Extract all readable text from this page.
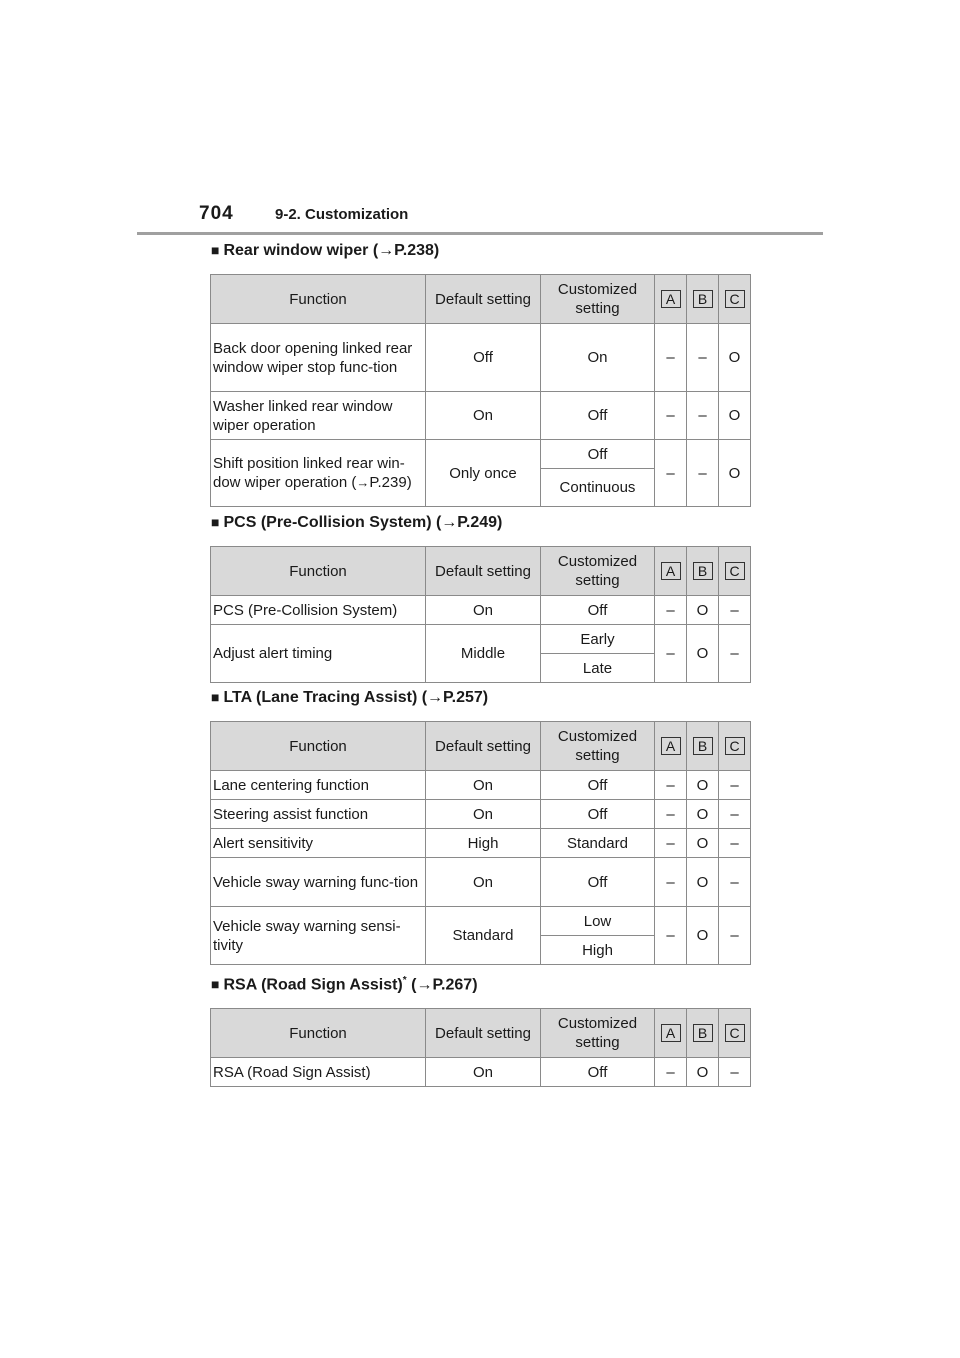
704	9-2. Customization
■ Rear window wiper (→P.238)
Function	Default setting	Customized setting	A	B	C
Back door opening linked rear window wiper stop func-tion	Off	On	–	–	O
Washer linked rear window wiper operation	On	Off	–	–	O
Shift position linked rear win-dow wiper operation (→P.239)	Only once	Off	–	–	O
		Continuous			
■ PCS (Pre-Collision System) (→P.249)
Function	Default setting	Customized setting	A	B	C
PCS (Pre-Collision System)	On	Off	–	O	–
Adjust alert timing	Middle	Early	–	O	–
		Late			
■ LTA (Lane Tracing Assist) (→P.257)
Function	Default setting	Customized setting	A	B	C
Lane centering function	On	Off	–	O	–
Steering assist function	On	Off	–	O	–
Alert sensitivity	High	Standard	–	O	–
Vehicle sway warning func-tion	On	Off	–	O	–
Vehicle sway warning sensi-tivity	Standard	Low	–	O	–
		High			
■ RSA (Road Sign Assist)* (→P.267)
Function	Default setting	Customized setting	A	B	C
RSA (Road Sign Assist)	On	Off	–	O	–
